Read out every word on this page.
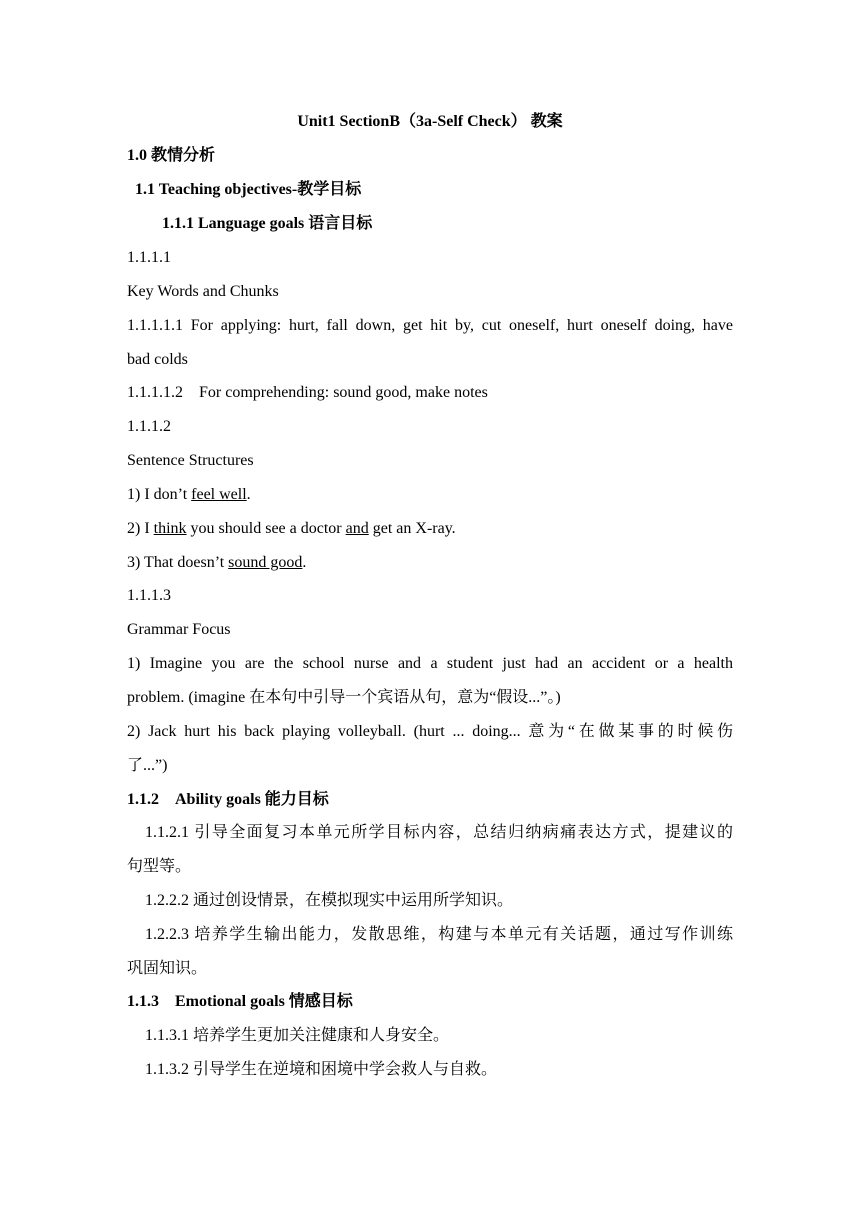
Unit1 SectionB（3a-Self Check） 教案
1.0 教情分析
1.1 Teaching objectives-教学目标
1.1.1 Language goals 语言目标
1.1.1.1
Key Words and Chunks
1.1.1.1.1 For applying: hurt, fall down, get hit by, cut oneself, hurt oneself doing, have
bad colds
1.1.1.1.2 For comprehending: sound good, make notes
1.1.1.2
Sentence Structures
1) I don’t feel well.
2) I think you should see a doctor and get an X-ray.
3) That doesn’t sound good.
1.1.1.3
Grammar Focus
1) Imagine you are the school nurse and a student just had an accident or a health
problem. (imagine 在本句中引导一个宾语从句，意为“假设...”。)
2) Jack hurt his back playing volleyball. (hurt ... doing... 意为“在做某事的时候伤
了...”)
1.1.2 Ability goals 能力目标
1.1.2.1 引导全面复习本单元所学目标内容，总结归纳病痛表达方式，提建议的
句型等。
1.2.2.2 通过创设情景，在模拟现实中运用所学知识。
1.2.2.3 培养学生输出能力，发散思维，构建与本单元有关话题，通过写作训练
巩固知识。
1.1.3 Emotional goals 情感目标
1.1.3.1 培养学生更加关注健康和人身安全。
1.1.3.2 引导学生在逆境和困境中学会救人与自救。
